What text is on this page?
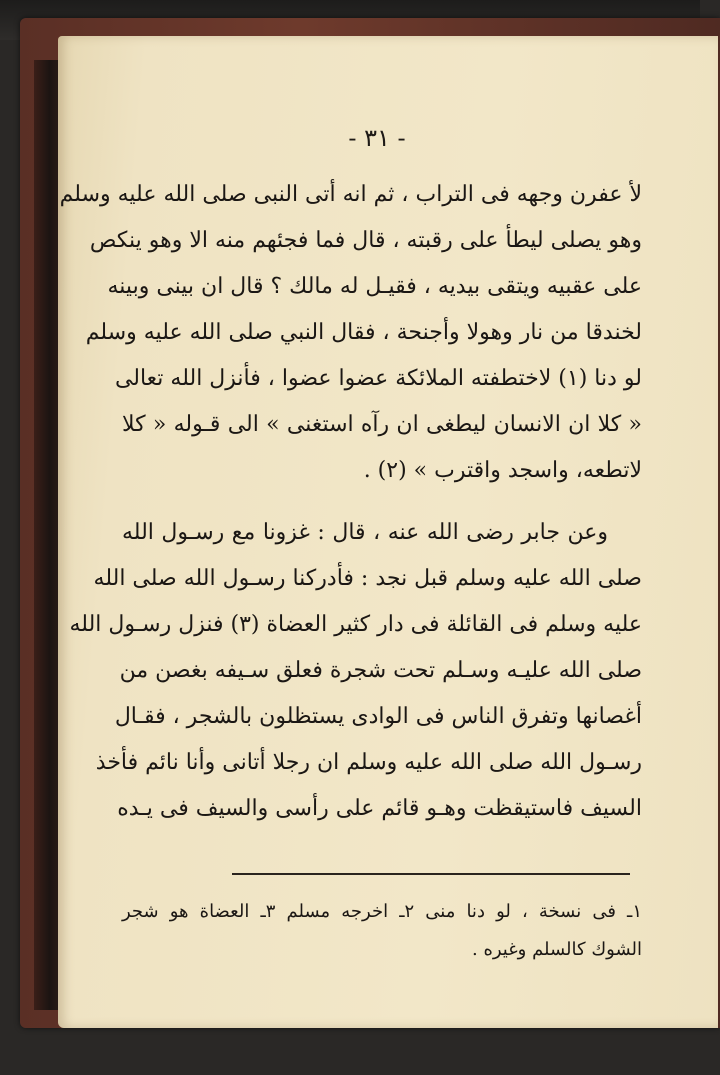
- ٣١ -
لأ عفرن وجهه فى التراب ، ثم انه أتى النبى صلى الله عليه وسلم
وهو يصلى ليطأ على رقبته ، قال فما فجئهم منه الا وهو ينكص
على عقبيه ويتقى بيديه ، فقيـل له مالك ؟ قال ان بينى وبينه
لخندقا من نار وهولا وأجنحة ، فقال النبي صلى الله عليه وسلم
لو دنا (١) لاختطفته الملائكة عضوا عضوا ، فأنزل الله تعالى
« كلا ان الانسان ليطغى ان رآه استغنى » الى قـوله « كلا
لاتطعه، واسجد واقترب » (٢) .
وعن جابر رضى الله عنه ، قال : غزونا مع رسـول الله
صلى الله عليه وسلم قبل نجد : فأدركنا رسـول الله صلى الله
عليه وسلم فى القائلة فى دار كثير العضاة (٣) فنزل رسـول الله
صلى الله عليـه وسـلم تحت شجرة فعلق سـيفه بغصن من
أغصانها وتفرق الناس فى الوادى يستظلون بالشجر ، فقـال
رسـول الله صلى الله عليه وسلم ان رجلا أتانى وأنا نائم فأخذ
السيف فاستيقظت وهـو قائم على رأسى والسيف فى يـده
١ـ فى نسخة ، لو دنا منى ٢ـ اخرجه مسلم ٣ـ العضاة هو شجر
الشوك كالسلم وغيره .
